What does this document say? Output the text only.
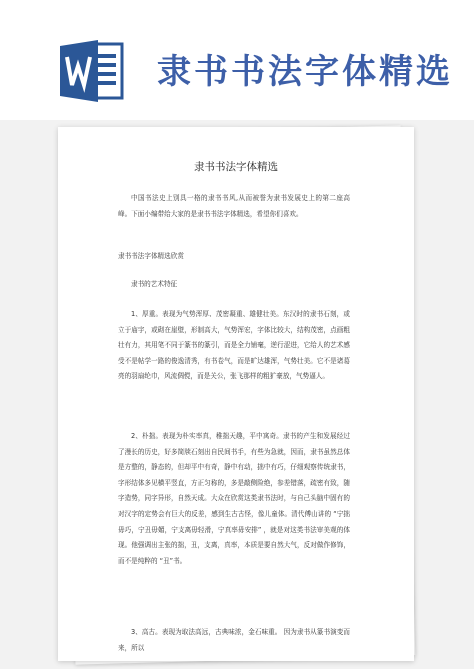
隶书书法字体精选
隶书书法字体精选

中国书法史上别具一格的隶书书风,从而被誉为隶书发展史上的第二座高峰。下面小编带给大家的是隶书书法字体精选，希望你们喜欢。

隶书书法字体精选欣赏

隶书的艺术特征

1、厚重。表现为气势浑厚、茂密凝重、雄健壮美。东汉时的隶书石刻，或立于庙宇，或砌在崖壁，形制高大，气势浑宏，字体比较大，结构茂密，点画粗壮有力，其用笔不同于篆书的篆引，而是全力铺毫，逆行涩进，它给人的艺术感受不是帖学一路的俊逸清秀，有书卷气，而是旷达雄浑，气势壮美。它不是诸葛亮的羽扇纶巾，风流倜傥，而是关公，张飞那样的粗犷豪放，气势逼人。

2、朴拙。表现为朴实率真，稚拙天趣，平中寓奇。隶书的产生和发展经过了漫长的历史，好多简牍石刻出自民间书手，有些为急就，因而，隶书虽然总体是方整的，静态的，但却平中有奇，静中有动，拙中有巧，仔细观察传统隶书，字形结体多见横平竖直，方正匀称的，多是敲侧险绝，参差错落，疏密有致，随字造势，同字异形，自然天成。大众在欣赏这类隶书法时，与自己头脑中固有的对汉字的定势会有巨大的反差，感到生古古怪，像儿童体。清代傅山讲的 “宁拙毋巧，宁丑毋媚，宁支离毋轻滑，宁真率毋安排” ，就是对这类书法审美观的体现。他强调出主张的拙，丑，支离，真率，本质是要自然大气，反对做作修饰，而不是纯粹的 “丑”书。

3、高古。表现为取法高远，古典味浓，金石味重。 因为隶书从篆书演变而来，所以
